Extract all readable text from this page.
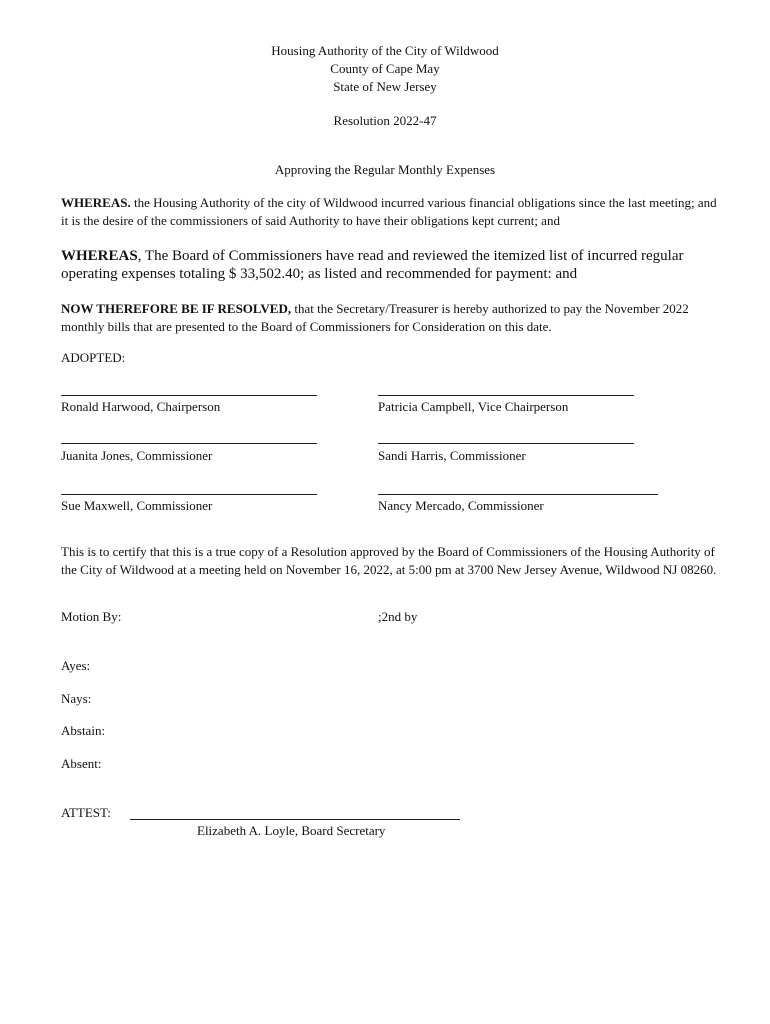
Housing Authority of the City of Wildwood
County of Cape May
State of New Jersey
Resolution 2022-47
Approving the Regular Monthly Expenses
WHEREAS. the Housing Authority of the city of Wildwood incurred various financial obligations since the last meeting; and it is the desire of the commissioners of said Authority to have their obligations kept current; and
WHEREAS, The Board of Commissioners have read and reviewed the itemized list of incurred regular operating expenses totaling $ 33,502.40; as listed and recommended for payment: and
NOW THEREFORE BE IF RESOLVED, that the Secretary/Treasurer is hereby authorized to pay the November 2022 monthly bills that are presented to the Board of Commissioners for Consideration on this date.
ADOPTED:
Ronald Harwood, Chairperson	Patricia Campbell, Vice Chairperson
Juanita Jones, Commissioner	Sandi Harris, Commissioner
Sue Maxwell, Commissioner	Nancy Mercado, Commissioner
This is to certify that this is a true copy of a Resolution approved by the Board of Commissioners of the Housing Authority of the City of Wildwood at a meeting held on November 16, 2022, at 5:00 pm at 3700 New Jersey Avenue, Wildwood NJ 08260.
Motion By:	;2nd by
Ayes:
Nays:
Abstain:
Absent:
ATTEST:
Elizabeth A. Loyle, Board Secretary
